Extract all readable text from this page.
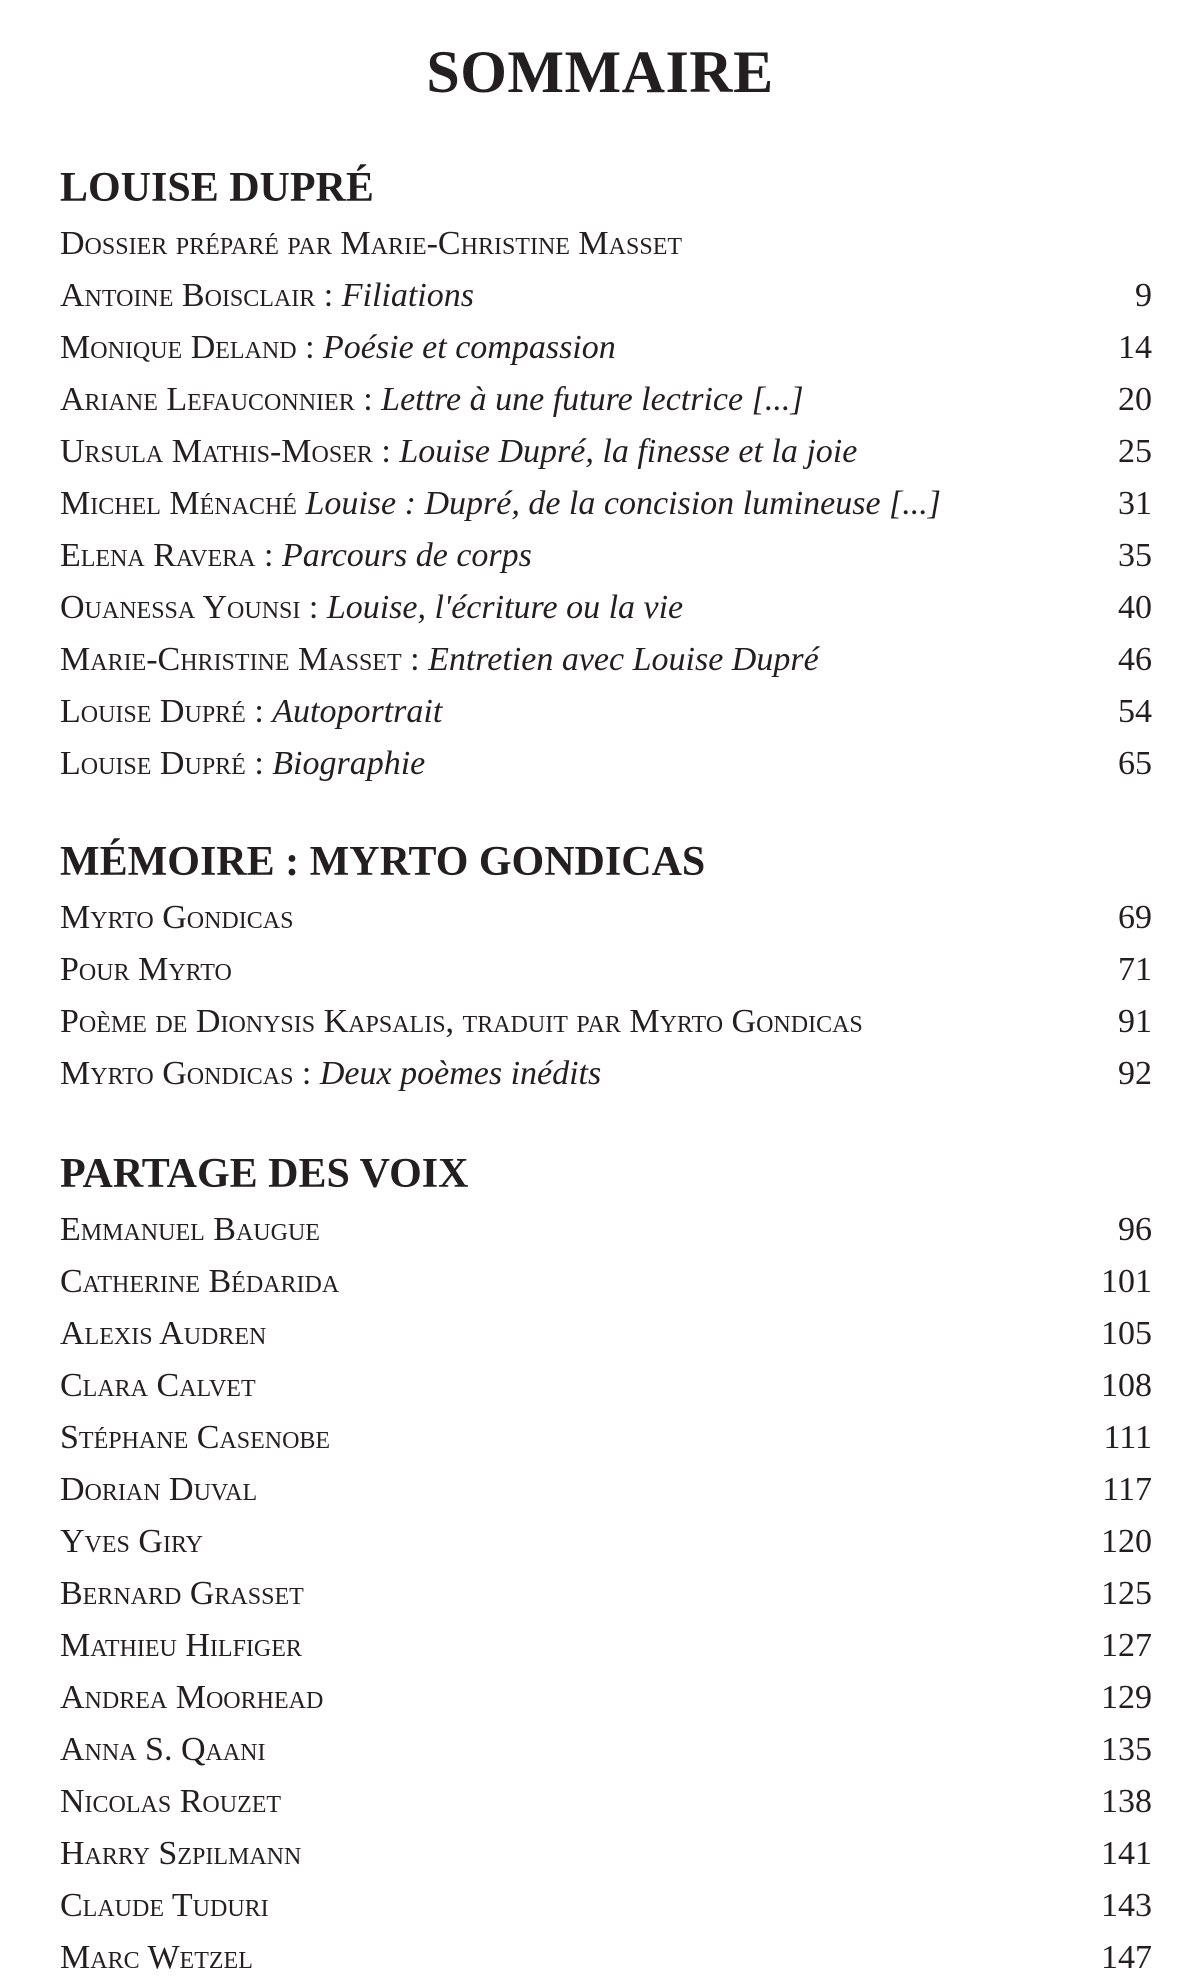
SOMMAIRE
LOUISE DUPRÉ
Dossier préparé par Marie-Christine Masset
Antoine Boisclair : Filiations	9
Monique Deland : Poésie et compassion	14
Ariane Lefauconnier : Lettre à une future lectrice [...]	20
Ursula Mathis-Moser : Louise Dupré, la finesse et la joie	25
Michel Ménaché Louise : Dupré, de la concision lumineuse [...]	31
Elena Ravera : Parcours de corps	35
Ouanessa Younsi : Louise, l'écriture ou la vie	40
Marie-Christine Masset : Entretien avec Louise Dupré	46
Louise Dupré : Autoportrait	54
Louise Dupré : Biographie	65
MÉMOIRE : MYRTO GONDICAS
Myrto Gondicas	69
Pour Myrto	71
Poème de Dionysis Kapsalis, traduit par Myrto Gondicas	91
Myrto Gondicas : Deux poèmes inédits	92
PARTAGE DES VOIX
Emmanuel Baugue	96
Catherine Bédarida	101
Alexis Audren	105
Clara Calvet	108
Stéphane Casenobe	111
Dorian Duval	117
Yves Giry	120
Bernard Grasset	125
Mathieu Hilfiger	127
Andrea Moorhead	129
Anna S. Qaani	135
Nicolas Rouzet	138
Harry Szpilmann	141
Claude Tuduri	143
Marc Wetzel	147
